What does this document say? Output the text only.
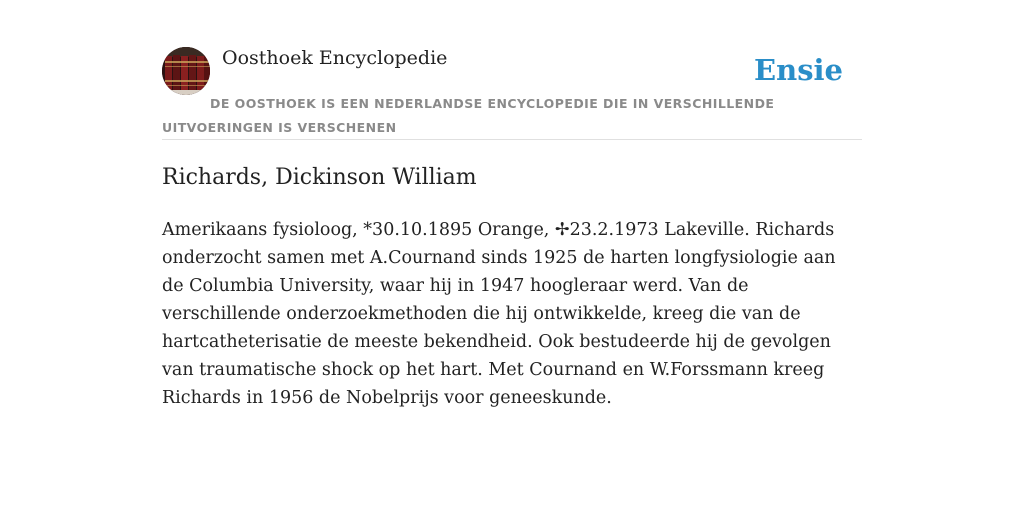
Oosthoek Encyclopedie	Ensie
DE OOSTHOEK IS EEN NEDERLANDSE ENCYCLOPEDIE DIE IN VERSCHILLENDE UITVOERINGEN IS VERSCHENEN
Richards, Dickinson William

Amerikaans fysioloog, *30.10.1895 Orange, ✢23.2.1973 Lakeville. Richards onderzocht samen met A.Cournand sinds 1925 de harten longfysiologie aan de Columbia University, waar hij in 1947 hoogleraar werd. Van de verschillende onderzoekmethoden die hij ontwikkelde, kreeg die van de hartcatheterisatie de meeste bekendheid. Ook bestudeerde hij de gevolgen van traumatische shock op het hart. Met Cournand en W.Forssmann kreeg Richards in 1956 de Nobelprijs voor geneeskunde.
